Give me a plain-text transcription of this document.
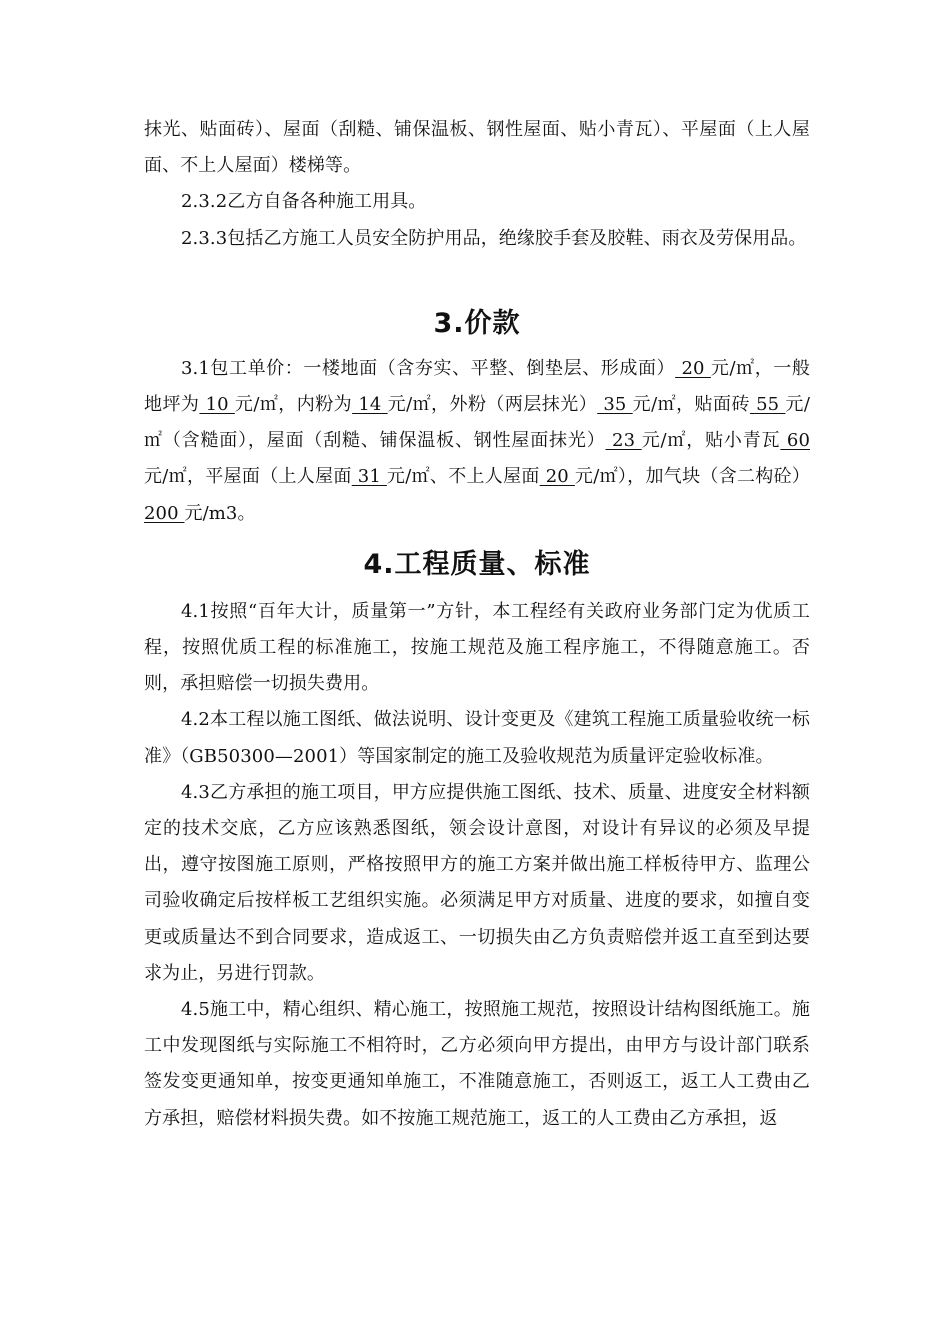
抹光、贴面砖）、屋面（刮糙、铺保温板、钢性屋面、贴小青瓦）、平屋面（上人屋面、不上人屋面）楼梯等。

2.3.2乙方自备各种施工用具。

2.3.3包括乙方施工人员安全防护用品，绝缘胶手套及胶鞋、雨衣及劳保用品。

3.价款

3.1包工单价：一楼地面（含夯实、平整、倒垫层、形成面） 20 元/㎡，一般地坪为 10 元/㎡，内粉为 14 元/㎡，外粉（两层抹光） 35 元/㎡，贴面砖 55 元/㎡（含糙面），屋面（刮糙、铺保温板、钢性屋面抹光） 23 元/㎡，贴小青瓦 60 元/㎡，平屋面（上人屋面 31 元/㎡、不上人屋面 20 元/㎡），加气块（含二构砼）200 元/m3。

4.工程质量、标准

4.1按照“百年大计，质量第一”方针，本工程经有关政府业务部门定为优质工程，按照优质工程的标准施工，按施工规范及施工程序施工，不得随意施工。否则，承担赔偿一切损失费用。

4.2本工程以施工图纸、做法说明、设计变更及《建筑工程施工质量验收统一标准》（GB50300—2001）等国家制定的施工及验收规范为质量评定验收标准。

4.3乙方承担的施工项目，甲方应提供施工图纸、技术、质量、进度安全材料额定的技术交底，乙方应该熟悉图纸，领会设计意图，对设计有异议的必须及早提出，遵守按图施工原则，严格按照甲方的施工方案并做出施工样板待甲方、监理公司验收确定后按样板工艺组织实施。必须满足甲方对质量、进度的要求，如擅自变更或质量达不到合同要求，造成返工、一切损失由乙方负责赔偿并返工直至到达要求为止，另进行罚款。

4.5施工中，精心组织、精心施工，按照施工规范，按照设计结构图纸施工。施工中发现图纸与实际施工不相符时，乙方必须向甲方提出，由甲方与设计部门联系签发变更通知单，按变更通知单施工，不准随意施工，否则返工，返工人工费由乙方承担，赔偿材料损失费。如不按施工规范施工，返工的人工费由乙方承担，返
